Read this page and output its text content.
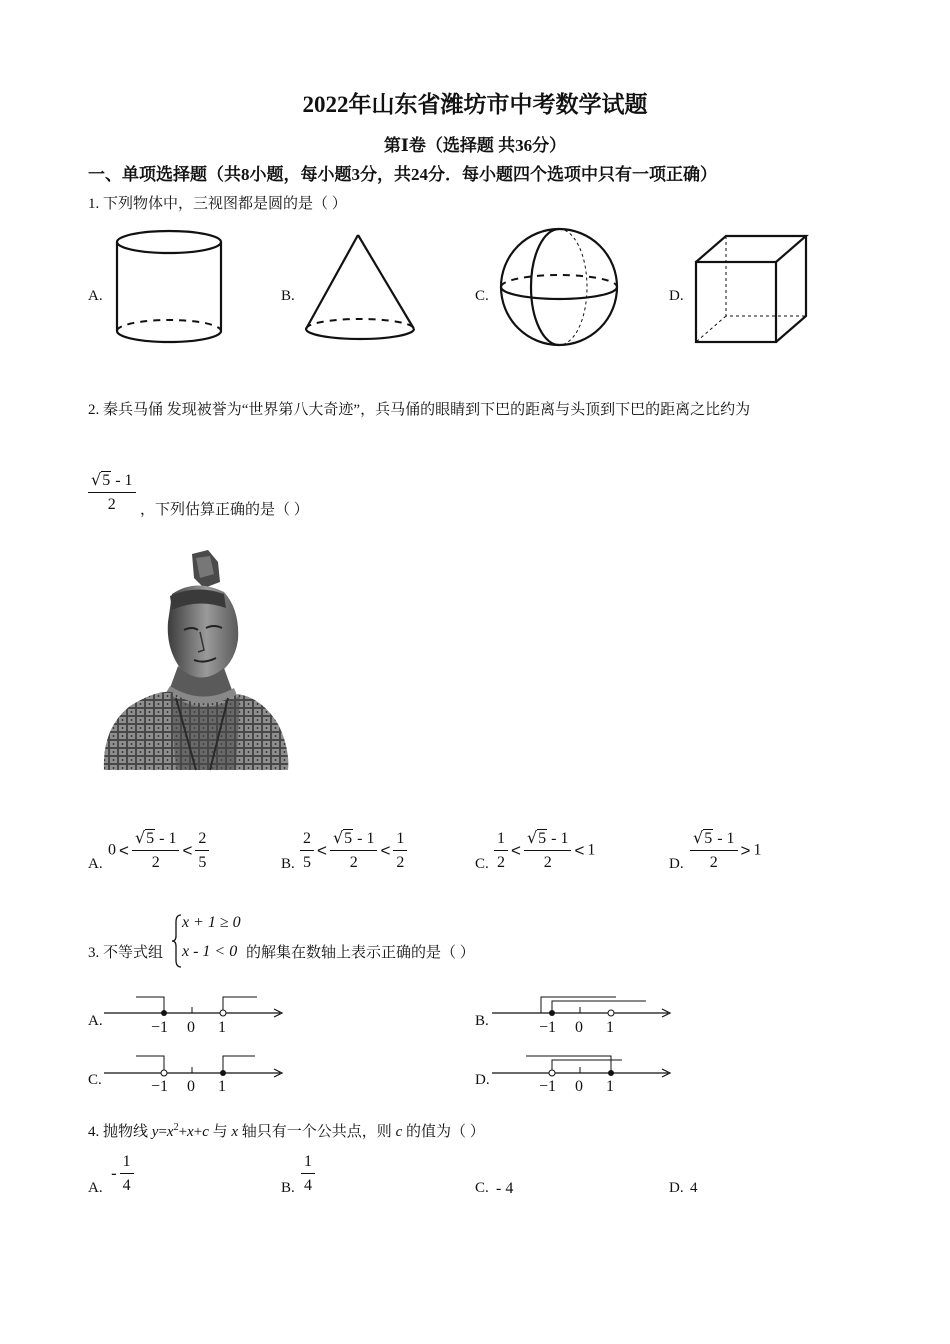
2022年山东省潍坊市中考数学试题
第Ⅰ卷（选择题 共36分）
一、单项选择题（共8小题，每小题3分，共24分．每小题四个选项中只有一项正确）
1. 下列物体中，三视图都是圆的是（ ）
A.	B.	C.	D.
2. 秦兵马俑 发现被誉为“世界第八大奇迹”，兵马俑的眼睛到下巴的距离与头顶到下巴的距离之比约为
$\frac{√5 - 1}{2}$ ，下列估算正确的是（ ）
A.
$0 < \frac{√5 - 1}{2} < \frac{2}{5}$	B. $\frac{2}{5} < \frac{√5 - 1}{2} < \frac{1}{2}$	C. $\frac{1}{2} < \frac{√5 - 1}{2} < 1$
D. $\frac{√5 - 1}{2} > 1$
3. 不等式组
x + 1 ≥ 0
x - 1 < 0 的解集在数轴上表示正确的是（ ）
A.	−1 0 1	B.	−1 0 1
C.	−1 0 1	D.	−1 0 1
4. 抛物线 $y=x^2+x+c$ 与 x 轴只有一个公共点，则 c 的值为（ ）
A.
- $\frac{1}{4}$	B. $\frac{1}{4}$	C. - 4	D. 4
